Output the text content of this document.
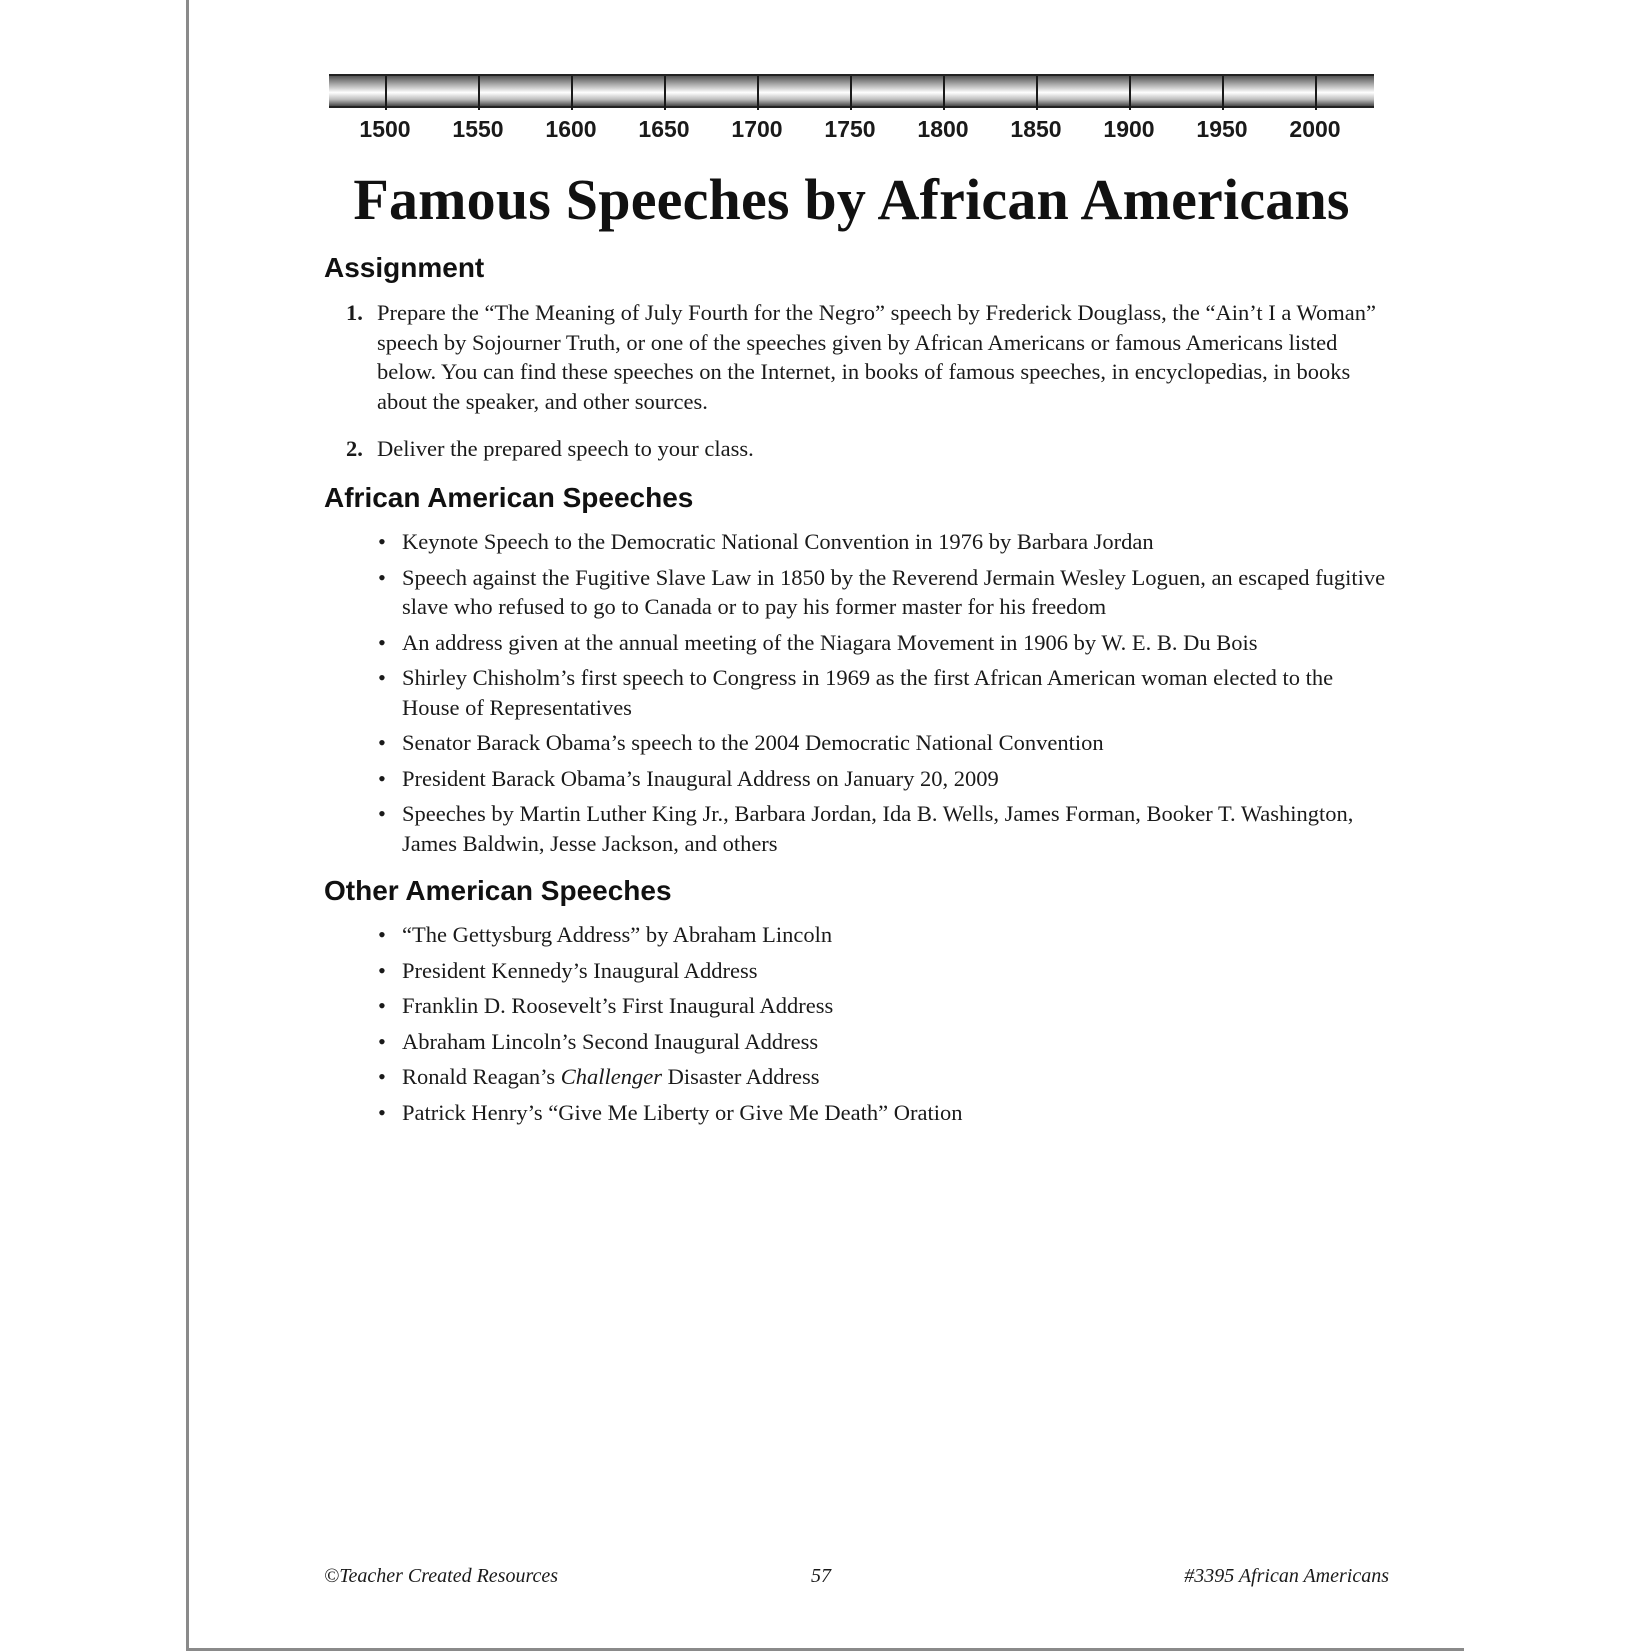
1500	1550	1600	1650	1700	1750	1800	1850	1900	1950	2000
Famous Speeches by African Americans
Assignment
1. Prepare the “The Meaning of July Fourth for the Negro” speech by Frederick Douglass, the “Ain’t I a Woman” speech by Sojourner Truth, or one of the speeches given by African Americans or famous Americans listed below. You can find these speeches on the Internet, in books of famous speeches, in encyclopedias, in books about the speaker, and other sources.
2. Deliver the prepared speech to your class.
African American Speeches
• Keynote Speech to the Democratic National Convention in 1976 by Barbara Jordan
• Speech against the Fugitive Slave Law in 1850 by the Reverend Jermain Wesley Loguen, an escaped fugitive slave who refused to go to Canada or to pay his former master for his freedom
• An address given at the annual meeting of the Niagara Movement in 1906 by W. E. B. Du Bois
• Shirley Chisholm’s first speech to Congress in 1969 as the first African American woman elected to the House of Representatives
• Senator Barack Obama’s speech to the 2004 Democratic National Convention
• President Barack Obama’s Inaugural Address on January 20, 2009
• Speeches by Martin Luther King Jr., Barbara Jordan, Ida B. Wells, James Forman, Booker T. Washington, James Baldwin, Jesse Jackson, and others
Other American Speeches
• “The Gettysburg Address” by Abraham Lincoln
• President Kennedy’s Inaugural Address
• Franklin D. Roosevelt’s First Inaugural Address
• Abraham Lincoln’s Second Inaugural Address
• Ronald Reagan’s Challenger Disaster Address
• Patrick Henry’s “Give Me Liberty or Give Me Death” Oration
©Teacher Created Resources	57	#3395 African Americans
